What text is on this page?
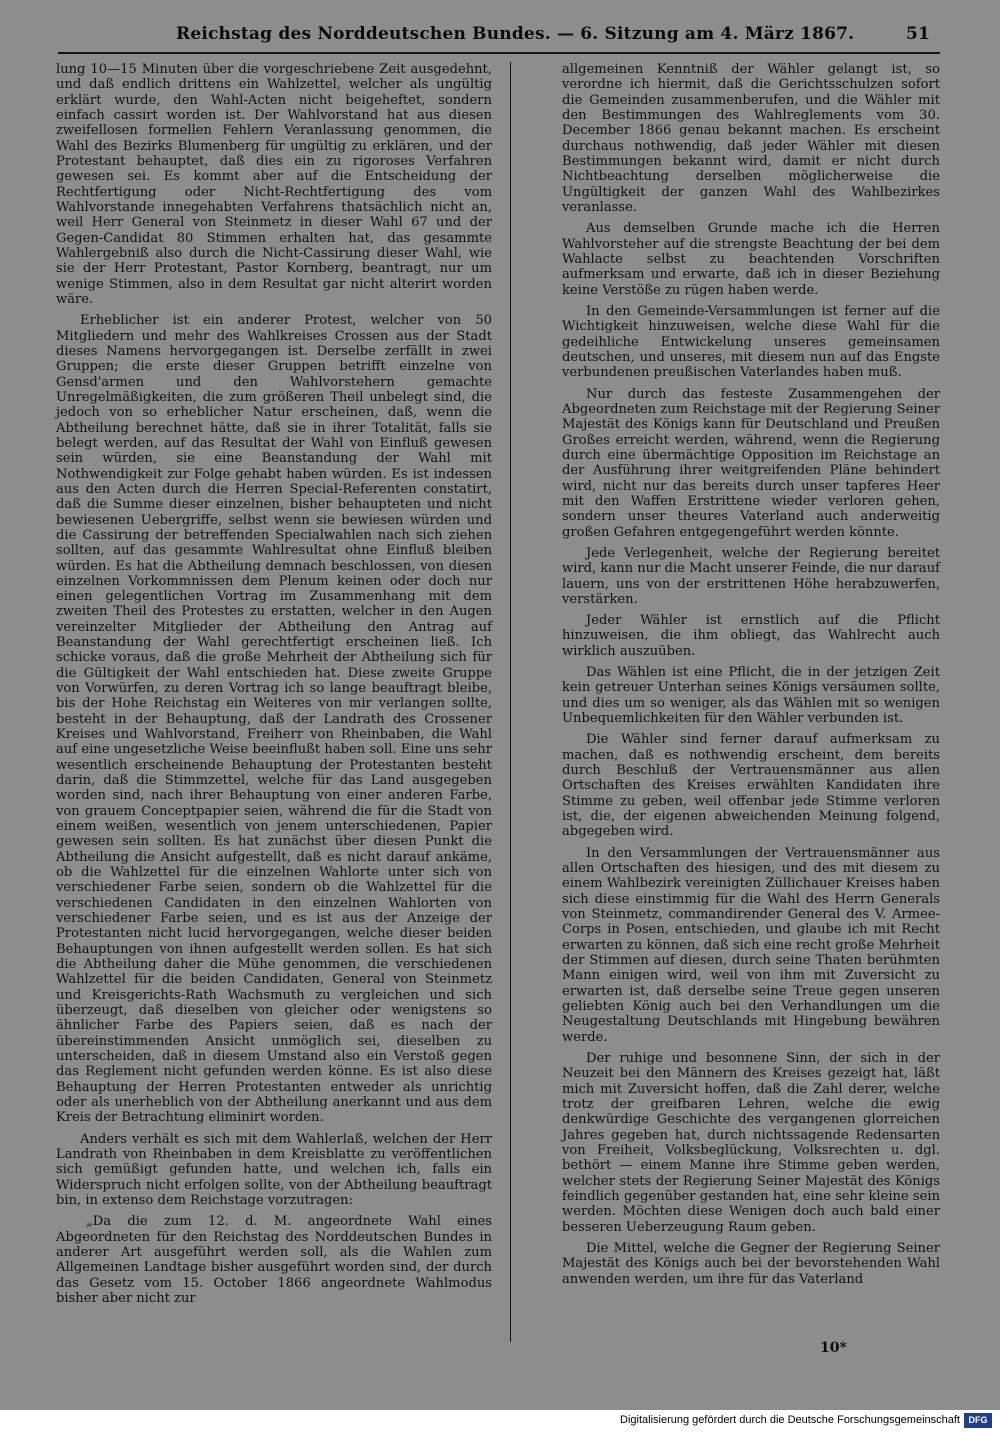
Reichstag des Norddeutschen Bundes. — 6. Sitzung am 4. März 1867.	51

lung 10—15 Minuten über die vorgeschriebene Zeit ausgedehnt, und daß endlich drittens ein Wahlzettel, welcher als ungültig erklärt wurde, den Wahl-Acten nicht beigeheftet, sondern einfach cassirt worden ist. Der Wahlvorstand hat aus diesen zweifellosen formellen Fehlern Veranlassung genommen, die Wahl des Bezirks Blumenberg für ungültig zu erklären, und der Protestant behauptet, daß dies ein zu rigoroses Verfahren gewesen sei. Es kommt aber auf die Entscheidung der Rechtfertigung oder Nicht-Rechtfertigung des vom Wahlvorstande innegehabten Verfahrens thatsächlich nicht an, weil Herr General von Steinmetz in dieser Wahl 67 und der Gegen-Candidat 80 Stimmen erhalten hat, das gesammte Wahlergebniß also durch die Nicht-Cassirung dieser Wahl, wie sie der Herr Protestant, Pastor Kornberg, beantragt, nur um wenige Stimmen, also in dem Resultat gar nicht alterirt worden wäre.

Erheblicher ist ein anderer Protest, welcher von 50 Mitgliedern und mehr des Wahlkreises Crossen aus der Stadt dieses Namens hervorgegangen ist. Derselbe zerfällt in zwei Gruppen; die erste dieser Gruppen betrifft einzelne von Gensd'armen und den Wahlvorstehern gemachte Unregelmäßigkeiten, die zum größeren Theil unbelegt sind, die jedoch von so erheblicher Natur erscheinen, daß, wenn die Abtheilung berechnet hätte, daß sie in ihrer Totalität, falls sie belegt werden, auf das Resultat der Wahl von Einfluß gewesen sein würden, sie eine Beanstandung der Wahl mit Nothwendigkeit zur Folge gehabt haben würden. Es ist indessen aus den Acten durch die Herren Special-Referenten constatirt, daß die Summe dieser einzelnen, bisher behaupteten und nicht bewiesenen Uebergriffe, selbst wenn sie bewiesen würden und die Cassirung der betreffenden Specialwahlen nach sich ziehen sollten, auf das gesammte Wahlresultat ohne Einfluß bleiben würden. Es hat die Abtheilung demnach beschlossen, von diesen einzelnen Vorkommnissen dem Plenum keinen oder doch nur einen gelegentlichen Vortrag im Zusammenhang mit dem zweiten Theil des Protestes zu erstatten, welcher in den Augen vereinzelter Mitglieder der Abtheilung den Antrag auf Beanstandung der Wahl gerechtfertigt erscheinen ließ. Ich schicke voraus, daß die große Mehrheit der Abtheilung sich für die Gültigkeit der Wahl entschieden hat. Diese zweite Gruppe von Vorwürfen, zu deren Vortrag ich so lange beauftragt bleibe, bis der Hohe Reichstag ein Weiteres von mir verlangen sollte, besteht in der Behauptung, daß der Landrath des Crossener Kreises und Wahlvorstand, Freiherr von Rheinbaben, die Wahl auf eine ungesetzliche Weise beeinflußt haben soll. Eine uns sehr wesentlich erscheinende Behauptung der Protestanten besteht darin, daß die Stimmzettel, welche für das Land ausgegeben worden sind, nach ihrer Behauptung von einer anderen Farbe, von grauem Conceptpapier seien, während die für die Stadt von einem weißen, wesentlich von jenem unterschiedenen, Papier gewesen sein sollten. Es hat zunächst über diesen Punkt die Abtheilung die Ansicht aufgestellt, daß es nicht darauf ankäme, ob die Wahlzettel für die einzelnen Wahlorte unter sich von verschiedener Farbe seien, sondern ob die Wahlzettel für die verschiedenen Candidaten in den einzelnen Wahlorten von verschiedener Farbe seien, und es ist aus der Anzeige der Protestanten nicht lucid hervorgegangen, welche dieser beiden Behauptungen von ihnen aufgestellt werden sollen. Es hat sich die Abtheilung daher die Mühe genommen, die verschiedenen Wahlzettel für die beiden Candidaten, General von Steinmetz und Kreisgerichts-Rath Wachsmuth zu vergleichen und sich überzeugt, daß dieselben von gleicher oder wenigstens so ähnlicher Farbe des Papiers seien, daß es nach der übereinstimmenden Ansicht unmöglich sei, dieselben zu unterscheiden, daß in diesem Umstand also ein Verstoß gegen das Reglement nicht gefunden werden könne. Es ist also diese Behauptung der Herren Protestanten entweder als unrichtig oder als unerheblich von der Abtheilung anerkannt und aus dem Kreis der Betrachtung eliminirt worden.

Anders verhält es sich mit dem Wahlerlaß, welchen der Herr Landrath von Rheinbaben in dem Kreisblatte zu veröffentlichen sich gemüßigt gefunden hatte, und welchen ich, falls ein Widerspruch nicht erfolgen sollte, von der Abtheilung beauftragt bin, in extenso dem Reichstage vorzutragen:

„Da die zum 12. d. M. angeordnete Wahl eines Abgeordneten für den Reichstag des Norddeutschen Bundes in anderer Art ausgeführt werden soll, als die Wahlen zum Allgemeinen Landtage bisher ausgeführt worden sind, der durch das Gesetz vom 15. October 1866 angeordnete Wahlmodus bisher aber nicht zur

allgemeinen Kenntniß der Wähler gelangt ist, so verordne ich hiermit, daß die Gerichtsschulzen sofort die Gemeinden zusammenberufen, und die Wähler mit den Bestimmungen des Wahlreglements vom 30. December 1866 genau bekannt machen. Es erscheint durchaus nothwendig, daß jeder Wähler mit diesen Bestimmungen bekannt wird, damit er nicht durch Nichtbeachtung derselben möglicherweise die Ungültigkeit der ganzen Wahl des Wahlbezirkes veranlasse.

Aus demselben Grunde mache ich die Herren Wahlvorsteher auf die strengste Beachtung der bei dem Wahlacte selbst zu beachtenden Vorschriften aufmerksam und erwarte, daß ich in dieser Beziehung keine Verstöße zu rügen haben werde.

In den Gemeinde-Versammlungen ist ferner auf die Wichtigkeit hinzuweisen, welche diese Wahl für die gedeihliche Entwickelung unseres gemeinsamen deutschen, und unseres, mit diesem nun auf das Engste verbundenen preußischen Vaterlandes haben muß.

Nur durch das festeste Zusammengehen der Abgeordneten zum Reichstage mit der Regierung Seiner Majestät des Königs kann für Deutschland und Preußen Großes erreicht werden, während, wenn die Regierung durch eine übermächtige Opposition im Reichstage an der Ausführung ihrer weitgreifenden Pläne behindert wird, nicht nur das bereits durch unser tapferes Heer mit den Waffen Erstrittene wieder verloren gehen, sondern unser theures Vaterland auch anderweitig großen Gefahren entgegengeführt werden könnte.

Jede Verlegenheit, welche der Regierung bereitet wird, kann nur die Macht unserer Feinde, die nur darauf lauern, uns von der erstrittenen Höhe herabzuwerfen, verstärken.

Jeder Wähler ist ernstlich auf die Pflicht hinzuweisen, die ihm obliegt, das Wahlrecht auch wirklich auszuüben.

Das Wählen ist eine Pflicht, die in der jetzigen Zeit kein getreuer Unterhan seines Königs versäumen sollte, und dies um so weniger, als das Wählen mit so wenigen Unbequemlichkeiten für den Wähler verbunden ist.

Die Wähler sind ferner darauf aufmerksam zu machen, daß es nothwendig erscheint, dem bereits durch Beschluß der Vertrauensmänner aus allen Ortschaften des Kreises erwählten Kandidaten ihre Stimme zu geben, weil offenbar jede Stimme verloren ist, die, der eigenen abweichenden Meinung folgend, abgegeben wird.

In den Versammlungen der Vertrauensmänner aus allen Ortschaften des hiesigen, und des mit diesem zu einem Wahlbezirk vereinigten Züllichauer Kreises haben sich diese einstimmig für die Wahl des Herrn Generals von Steinmetz, commandirender General des V. Armee-Corps in Posen, entschieden, und glaube ich mit Recht erwarten zu können, daß sich eine recht große Mehrheit der Stimmen auf diesen, durch seine Thaten berühmten Mann einigen wird, weil von ihm mit Zuversicht zu erwarten ist, daß derselbe seine Treue gegen unseren geliebten König auch bei den Verhandlungen um die Neugestaltung Deutschlands mit Hingebung bewähren werde.

Der ruhige und besonnene Sinn, der sich in der Neuzeit bei den Männern des Kreises gezeigt hat, läßt mich mit Zuversicht hoffen, daß die Zahl derer, welche trotz der greifbaren Lehren, welche die ewig denkwürdige Geschichte des vergangenen glorreichen Jahres gegeben hat, durch nichtssagende Redensarten von Freiheit, Volksbeglückung, Volksrechten u. dgl. bethört — einem Manne ihre Stimme geben werden, welcher stets der Regierung Seiner Majestät des Königs feindlich gegenüber gestanden hat, eine sehr kleine sein werden. Möchten diese Wenigen doch auch bald einer besseren Ueberzeugung Raum geben.

Die Mittel, welche die Gegner der Regierung Seiner Majestät des Königs auch bei der bevorstehenden Wahl anwenden werden, um ihre für das Vaterland

10*
Digitalisierung gefördert durch die Deutsche Forschungsgemeinschaft DFG
